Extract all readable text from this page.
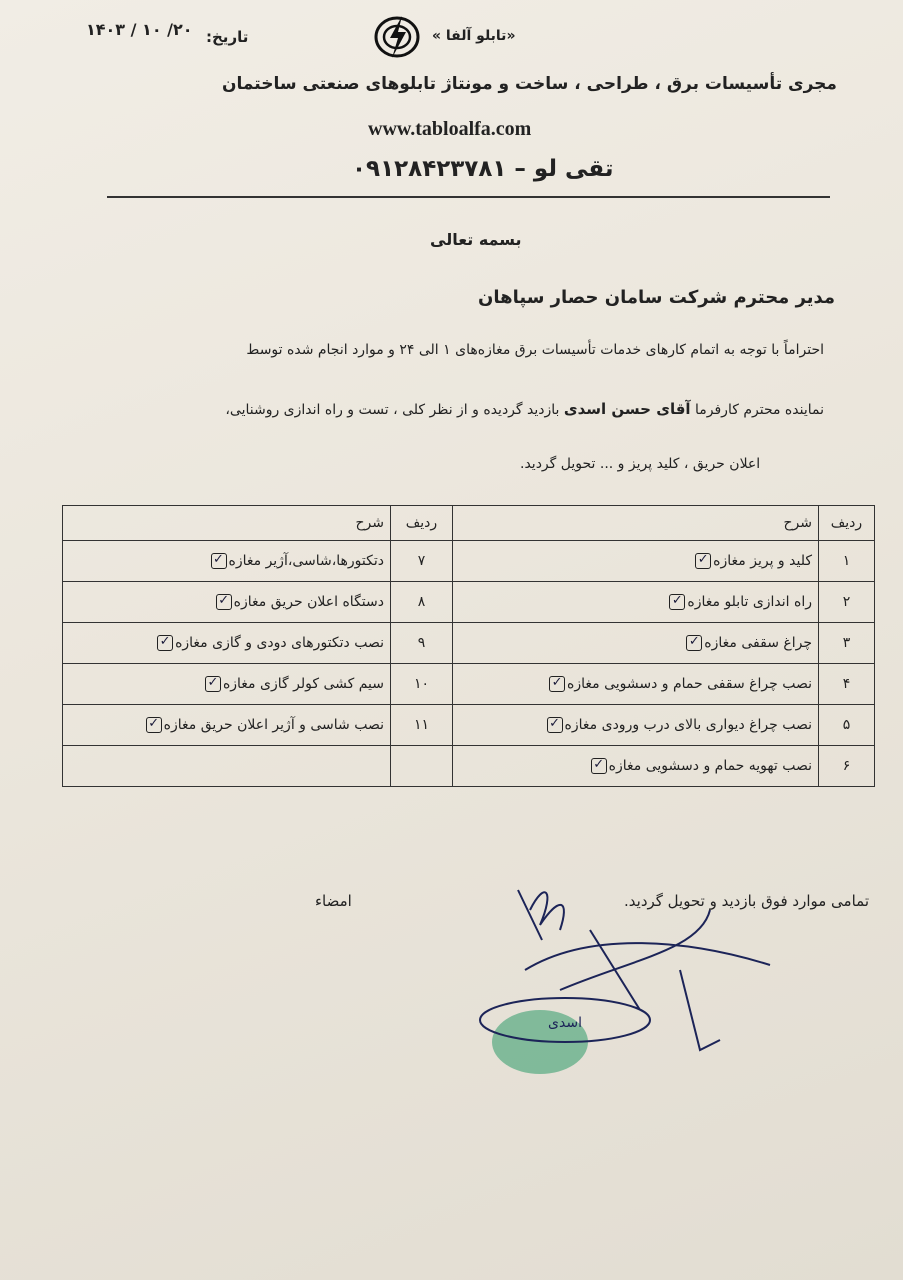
تاریخ:
۱۴۰۳ / ۱۰ /۲۰	«تابلو آلفا »
مجری تأسیسات برق ، طراحی ، ساخت و مونتاژ تابلوهای صنعتی ساختمان
www.tabloalfa.com
تقی لو – ۰۹۱۲۸۴۲۳۷۸۱
بسمه تعالی
مدیر محترم شرکت سامان حصار سپاهان
احتراماً با توجه به اتمام کارهای خدمات تأسیسات برق مغازه‌های ۱ الی ۲۴ و موارد انجام شده توسط
نماینده محترم کارفرما آقای حسن اسدی بازدید گردیده و از نظر کلی ، تست و راه اندازی روشنایی،
اعلان حریق ، کلید پریز و ... تحویل گردید.
ردیف	شرح	ردیف	شرح
۱	کلید و پریز مغازه✓	۷	دتکتورها،شاسی،آژیر مغازه✓
۲	راه اندازی تابلو مغازه✓	۸	دستگاه اعلان حریق مغازه✓
۳	چراغ سقفی مغازه✓	۹	نصب دتکتورهای دودی و گازی مغازه✓
۴	نصب چراغ سقفی حمام و دسشویی مغازه✓	۱۰	سیم کشی کولر گازی مغازه✓
۵	نصب چراغ دیواری بالای درب ورودی مغازه✓	۱۱	نصب شاسی و آژیر اعلان حریق مغازه✓
۶	نصب تهویه حمام و دسشویی مغازه✓		
تمامی موارد فوق بازدید و تحویل گردید.
امضاء
اسدی
